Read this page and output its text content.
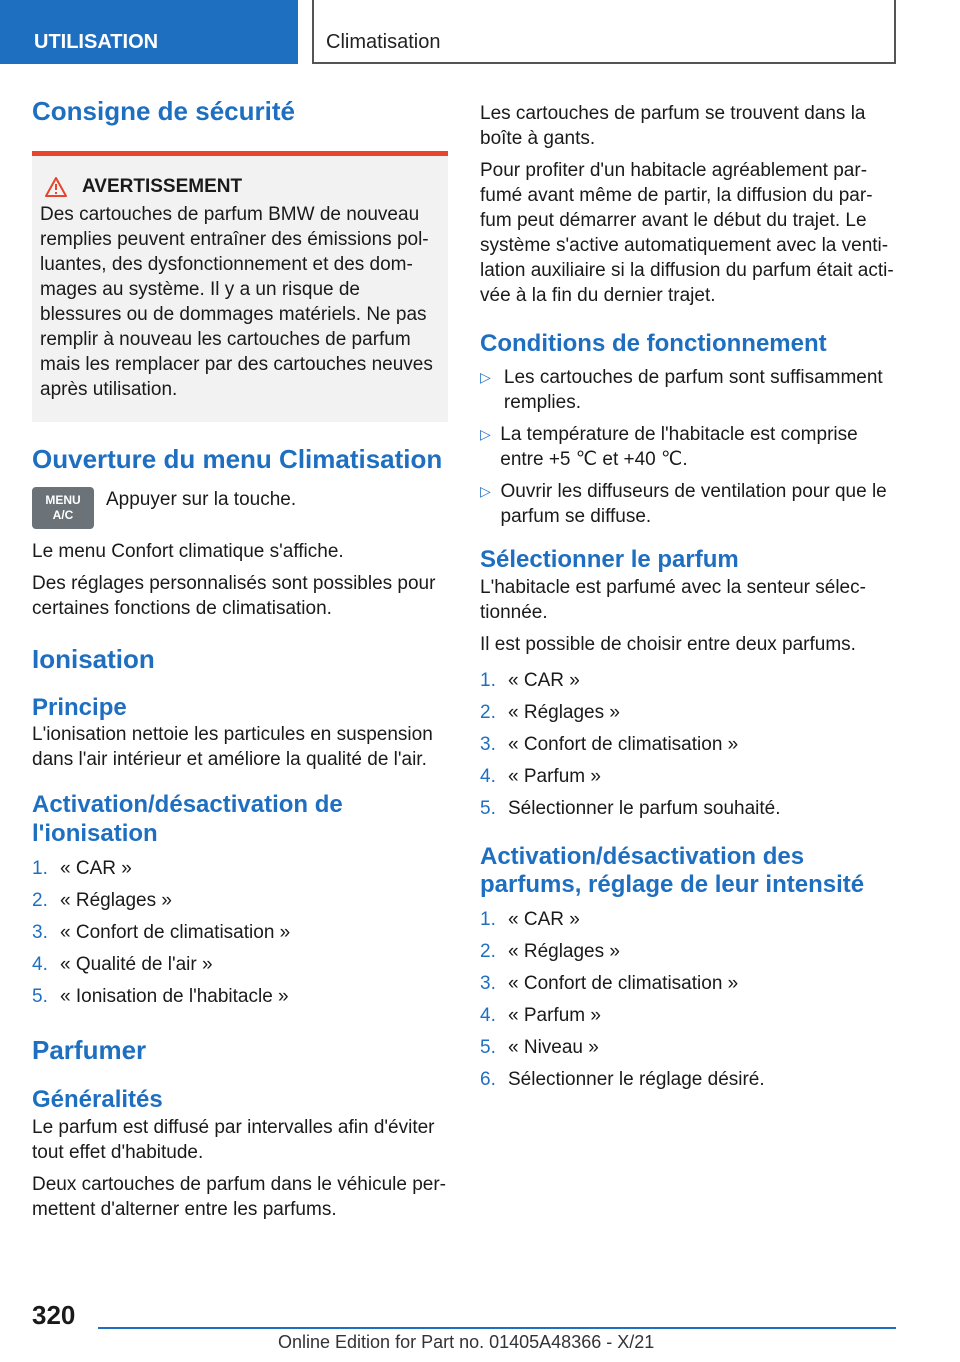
UTILISATION	Climatisation
Consigne de sécurité
AVERTISSEMENT

Des cartouches de parfum BMW de nouveau remplies peuvent entraîner des émissions pol-luantes, des dysfonctionnement et des dom-mages au système. Il y a un risque de blessures ou de dommages matériels. Ne pas remplir à nouveau les cartouches de parfum mais les remplacer par des cartouches neuves après utilisation.

Ouverture du menu Climatisation
MENU
A/C

Appuyer sur la touche.

Le menu Confort climatique s'affiche.

Des réglages personnalisés sont possibles pour certaines fonctions de climatisation.

Ionisation
Principe

L'ionisation nettoie les particules en suspension dans l'air intérieur et améliore la qualité de l'air.

Activation/désactivation de l'ionisation
1. « CAR »
2. « Réglages »
3. « Confort de climatisation »
4. « Qualité de l'air »
5. « Ionisation de l'habitacle »
Parfumer
Généralités

Le parfum est diffusé par intervalles afin d'éviter tout effet d'habitude.

Deux cartouches de parfum dans le véhicule per-mettent d'alterner entre les parfums.

Les cartouches de parfum se trouvent dans la boîte à gants.

Pour profiter d'un habitacle agréablement par-fumé avant même de partir, la diffusion du par-fum peut démarrer avant le début du trajet. Le système s'active automatiquement avec la venti-lation auxiliaire si la diffusion du parfum était acti-vée à la fin du dernier trajet.

Conditions de fonctionnement
▷ Les cartouches de parfum sont suffisamment remplies.
▷ La température de l'habitacle est comprise entre +5 ℃ et +40 ℃.
▷ Ouvrir les diffuseurs de ventilation pour que le parfum se diffuse.
Sélectionner le parfum

L'habitacle est parfumé avec la senteur sélec-tionnée.

Il est possible de choisir entre deux parfums.

1. « CAR »
2. « Réglages »
3. « Confort de climatisation »
4. « Parfum »
5. Sélectionner le parfum souhaité.
Activation/désactivation des parfums, réglage de leur intensité
1. « CAR »
2. « Réglages »
3. « Confort de climatisation »
4. « Parfum »
5. « Niveau »
6. Sélectionner le réglage désiré.
320
Online Edition for Part no. 01405A48366 - X/21
